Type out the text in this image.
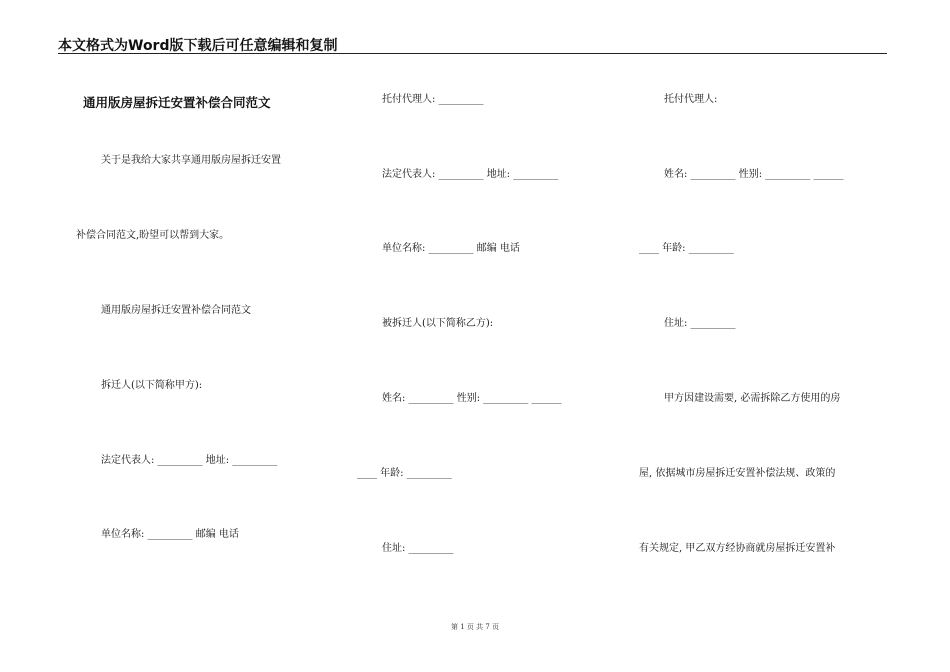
本文格式为Word版下载后可任意编辑和复制
通用版房屋拆迁安置补偿合同范文
关于是我给大家共享通用版房屋拆迁安置
补偿合同范文,盼望可以帮到大家。
通用版房屋拆迁安置补偿合同范文
拆迁人(以下简称甲方):
法定代表人: _________ 地址: _________
单位名称: _________ 邮编 电话
托付代理人: _________
法定代表人: _________ 地址: _________
单位名称: _________ 邮编 电话
被拆迁人(以下简称乙方):
姓名: _________ 性别: _________ ______
____ 年龄: _________
住址: _________
托付代理人:
姓名: _________ 性别: _________ ______
____ 年龄: _________
住址: _________
甲方因建设需要, 必需拆除乙方使用的房
屋, 依据城市房屋拆迁安置补偿法规、政策的
有关规定, 甲乙双方经协商就房屋拆迁安置补
第 1 页 共 7 页
